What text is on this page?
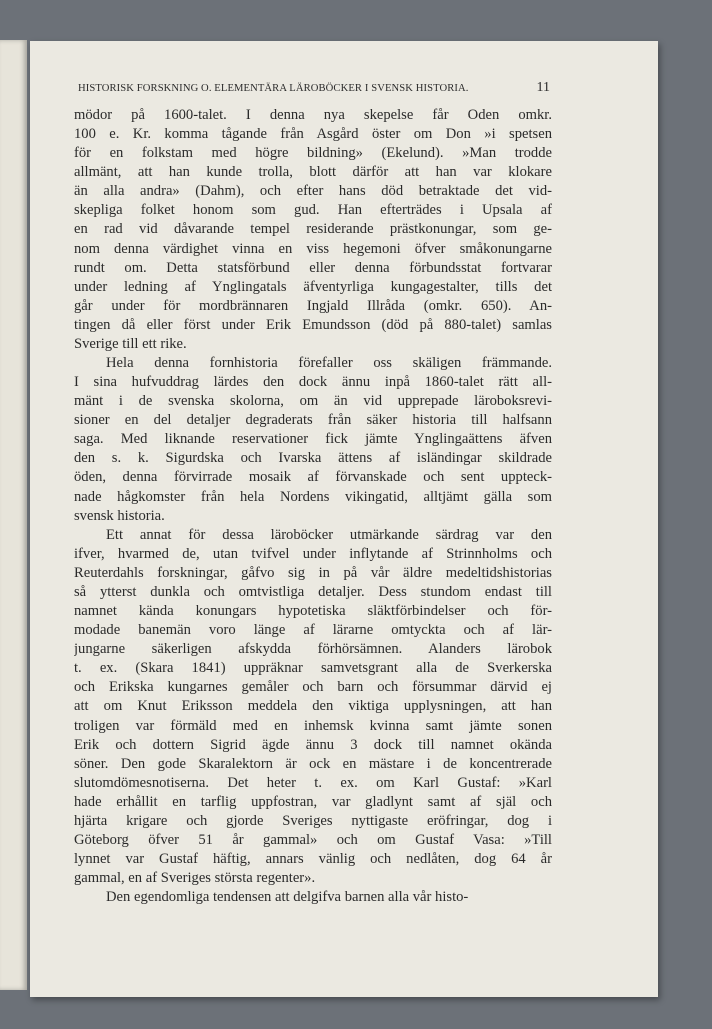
HISTORISK FORSKNING O. ELEMENTÄRA LÄROBÖCKER I SVENSK HISTORIA.	11
mödor på 1600-talet. I denna nya skepelse får Oden omkr.
100 e. Kr. komma tågande från Asgård öster om Don »i spetsen
för en folkstam med högre bildning» (Ekelund). »Man trodde
allmänt, att han kunde trolla, blott därför att han var klokare
än alla andra» (Dahm), och efter hans död betraktade det vid-
skepliga folket honom som gud. Han efterträdes i Upsala af
en rad vid dåvarande tempel residerande prästkonungar, som ge-
nom denna värdighet vinna en viss hegemoni öfver småkonungarne
rundt om. Detta statsförbund eller denna förbundsstat fortvarar
under ledning af Ynglingatals äfventyrliga kungagestalter, tills det
går under för mordbrännaren Ingjald Illråda (omkr. 650). An-
tingen då eller först under Erik Emundsson (död på 880-talet) samlas
Sverige till ett rike.
Hela denna fornhistoria förefaller oss skäligen främmande.
I sina hufvuddrag lärdes den dock ännu inpå 1860-talet rätt all-
mänt i de svenska skolorna, om än vid upprepade läroboksrevi-
sioner en del detaljer degraderats från säker historia till halfsann
saga. Med liknande reservationer fick jämte Ynglingaättens äfven
den s. k. Sigurdska och Ivarska ättens af isländingar skildrade
öden, denna förvirrade mosaik af förvanskade och sent uppteck-
nade hågkomster från hela Nordens vikingatid, alltjämt gälla som
svensk historia.
Ett annat för dessa läroböcker utmärkande särdrag var den
ifver, hvarmed de, utan tvifvel under inflytande af Strinnholms och
Reuterdahls forskningar, gåfvo sig in på vår äldre medeltidshistorias
så ytterst dunkla och omtvistliga detaljer. Dess stundom endast till
namnet kända konungars hypotetiska släktförbindelser och för-
modade banemän voro länge af lärarne omtyckta och af lär-
jungarne säkerligen afskydda förhörsämnen. Alanders lärobok
t. ex. (Skara 1841) uppräknar samvetsgrant alla de Sverkerska
och Erikska kungarnes gemåler och barn och försummar därvid ej
att om Knut Eriksson meddela den viktiga upplysningen, att han
troligen var förmäld med en inhemsk kvinna samt jämte sonen
Erik och dottern Sigrid ägde ännu 3 dock till namnet okända
söner. Den gode Skaralektorn är ock en mästare i de koncentrerade
slutomdömesnotiserna. Det heter t. ex. om Karl Gustaf: »Karl
hade erhållit en tarflig uppfostran, var gladlynt samt af själ och
hjärta krigare och gjorde Sveriges nyttigaste eröfringar, dog i
Göteborg öfver 51 år gammal» och om Gustaf Vasa: »Till
lynnet var Gustaf häftig, annars vänlig och nedlåten, dog 64 år
gammal, en af Sveriges största regenter».
Den egendomliga tendensen att delgifva barnen alla vår histo-
